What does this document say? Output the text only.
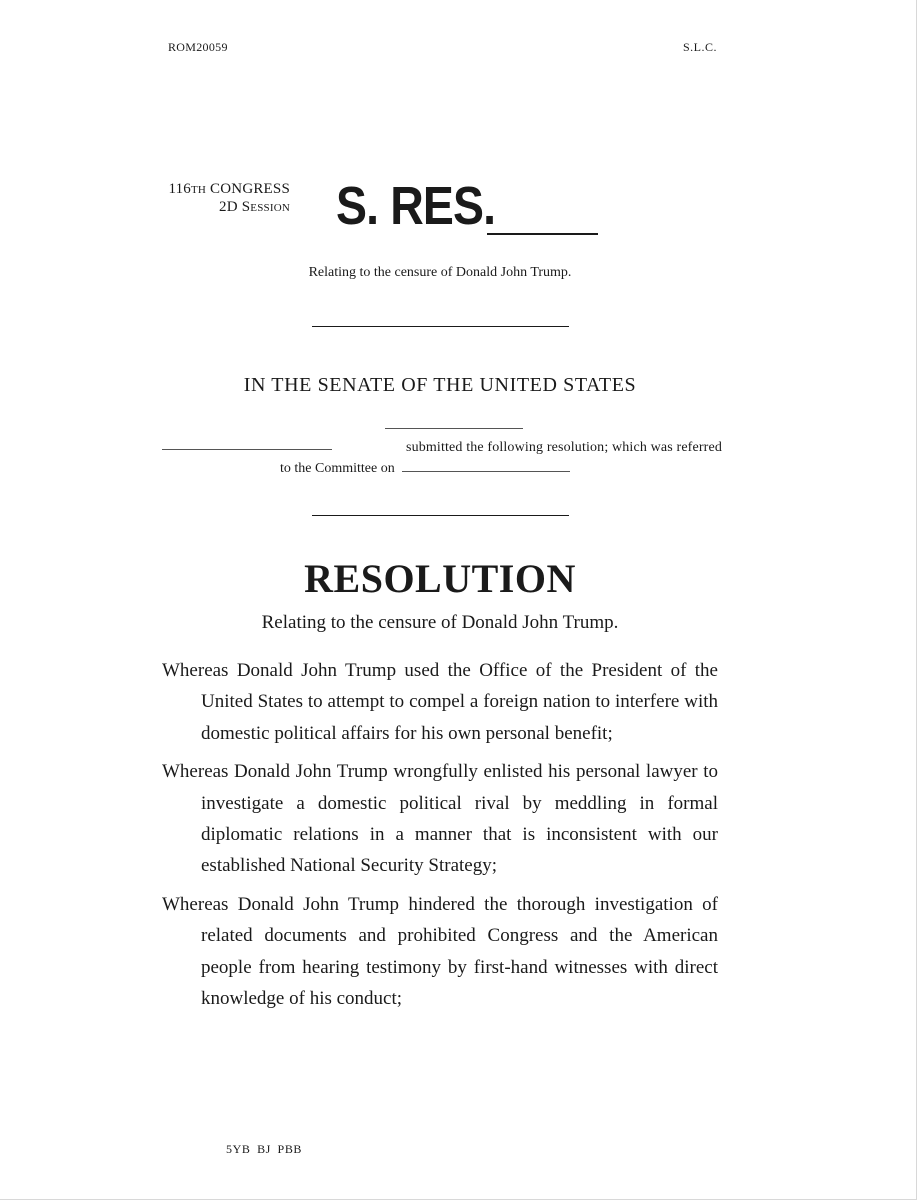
ROM20059	S.L.C.
116TH CONGRESS
2D Session S. RES.
Relating to the censure of Donald John Trump.
IN THE SENATE OF THE UNITED STATES
submitted the following resolution; which was referred
to the Committee on
RESOLUTION
Relating to the censure of Donald John Trump.
Whereas Donald John Trump used the Office of the President of the United States to attempt to compel a foreign nation to interfere with domestic political affairs for his own personal benefit;
Whereas Donald John Trump wrongfully enlisted his personal lawyer to investigate a domestic political rival by meddling in formal diplomatic relations in a manner that is inconsistent with our established National Security Strategy;
Whereas Donald John Trump hindered the thorough investigation of related documents and prohibited Congress and the American people from hearing testimony by first-hand witnesses with direct knowledge of his conduct;
5YB BJ PBB
